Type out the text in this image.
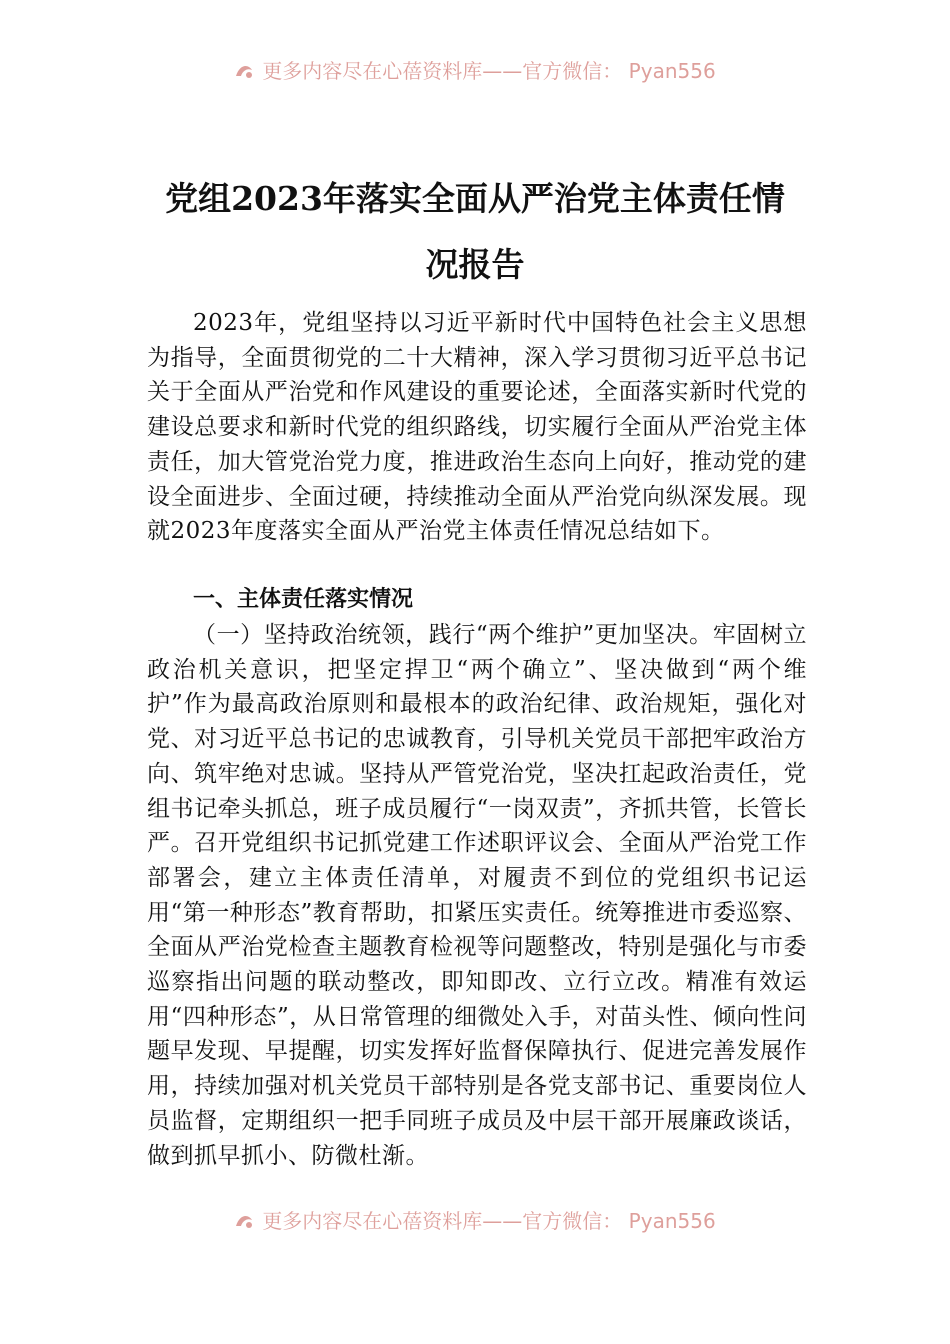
更多内容尽在心蓓资料库——官方微信： Pyan556
党组2023年落实全面从严治党主体责任情
况报告

2023年，党组坚持以习近平新时代中国特色社会主义思想为指导，全面贯彻党的二十大精神，深入学习贯彻习近平总书记关于全面从严治党和作风建设的重要论述，全面落实新时代党的建设总要求和新时代党的组织路线，切实履行全面从严治党主体责任，加大管党治党力度，推进政治生态向上向好，推动党的建设全面进步、全面过硬，持续推动全面从严治党向纵深发展。现就2023年度落实全面从严治党主体责任情况总结如下。

一、主体责任落实情况

（一）坚持政治统领，践行“两个维护”更加坚决。牢固树立政治机关意识，把坚定捍卫“两个确立”、坚决做到“两个维护”作为最高政治原则和最根本的政治纪律、政治规矩，强化对党、对习近平总书记的忠诚教育，引导机关党员干部把牢政治方向、筑牢绝对忠诚。坚持从严管党治党，坚决扛起政治责任，党组书记牵头抓总，班子成员履行“一岗双责”，齐抓共管，长管长严。召开党组织书记抓党建工作述职评议会、全面从严治党工作部署会，建立主体责任清单，对履责不到位的党组织书记运用“第一种形态”教育帮助，扣紧压实责任。统筹推进市委巡察、全面从严治党检查主题教育检视等问题整改，特别是强化与市委巡察指出问题的联动整改，即知即改、立行立改。精准有效运用“四种形态”，从日常管理的细微处入手，对苗头性、倾向性问题早发现、早提醒，切实发挥好监督保障执行、促进完善发展作用，持续加强对机关党员干部特别是各党支部书记、重要岗位人员监督，定期组织一把手同班子成员及中层干部开展廉政谈话，做到抓早抓小、防微杜渐。

更多内容尽在心蓓资料库——官方微信： Pyan556
